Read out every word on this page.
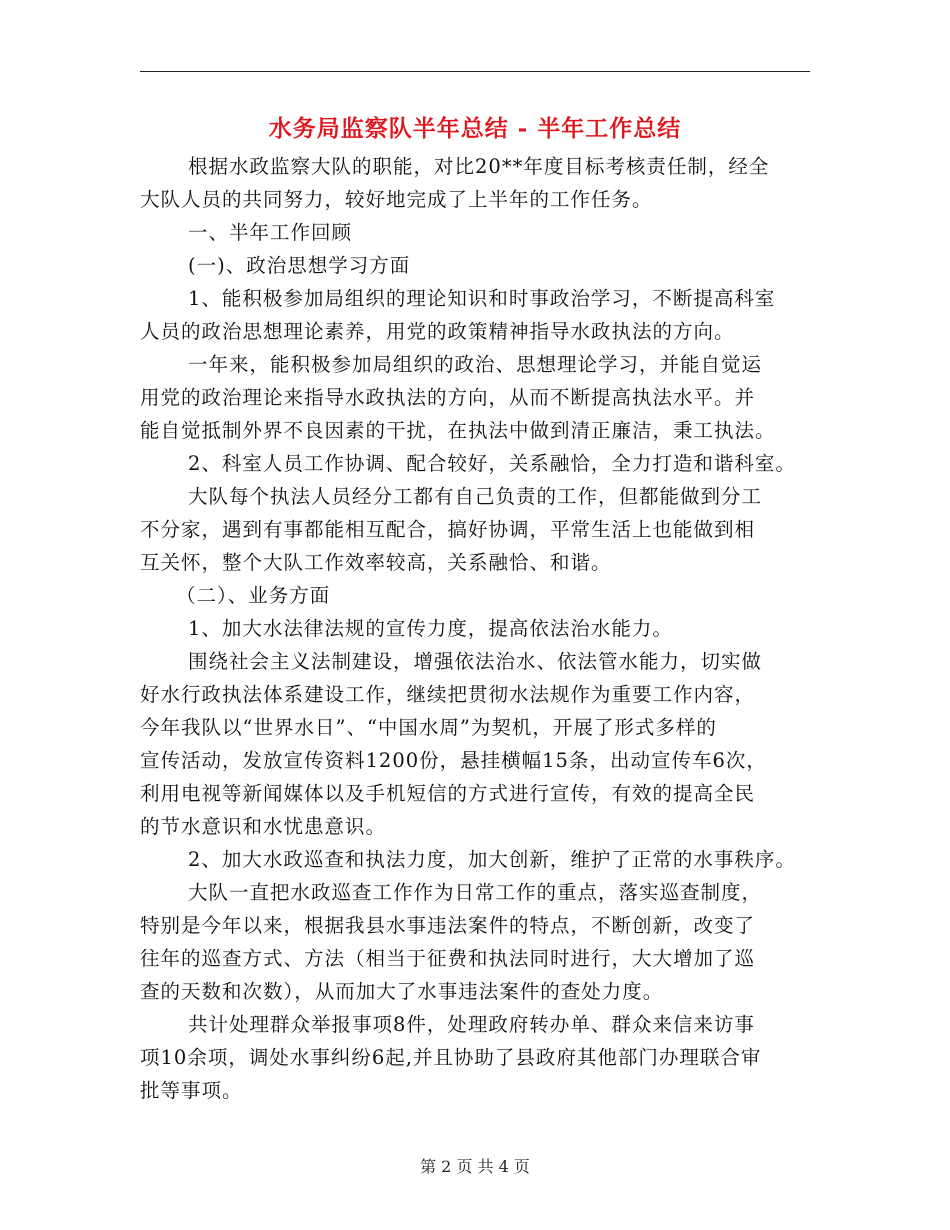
水务局监察队半年总结 - 半年工作总结
根据水政监察大队的职能，对比20**年度目标考核责任制，经全
大队人员的共同努力，较好地完成了上半年的工作任务。
一、半年工作回顾
(一)、政治思想学习方面
1、能积极参加局组织的理论知识和时事政治学习，不断提高科室
人员的政治思想理论素养，用党的政策精神指导水政执法的方向。
一年来，能积极参加局组织的政治、思想理论学习，并能自觉运
用党的政治理论来指导水政执法的方向，从而不断提高执法水平。并
能自觉抵制外界不良因素的干扰，在执法中做到清正廉洁，秉工执法。
2、科室人员工作协调、配合较好，关系融恰，全力打造和谐科室。
大队每个执法人员经分工都有自己负责的工作，但都能做到分工
不分家，遇到有事都能相互配合，搞好协调，平常生活上也能做到相
互关怀，整个大队工作效率较高，关系融恰、和谐。
（二）、业务方面
1、加大水法律法规的宣传力度，提高依法治水能力。
围绕社会主义法制建设，增强依法治水、依法管水能力，切实做
好水行政执法体系建设工作，继续把贯彻水法规作为重要工作内容，
今年我队以“世界水日”、“中国水周”为契机，开展了形式多样的
宣传活动，发放宣传资料1200份，悬挂横幅15条，出动宣传车6次，
利用电视等新闻媒体以及手机短信的方式进行宣传，有效的提高全民
的节水意识和水忧患意识。
2、加大水政巡查和执法力度，加大创新，维护了正常的水事秩序。
大队一直把水政巡查工作作为日常工作的重点，落实巡查制度，
特别是今年以来，根据我县水事违法案件的特点，不断创新，改变了
往年的巡查方式、方法（相当于征费和执法同时进行，大大增加了巡
查的天数和次数），从而加大了水事违法案件的查处力度。
共计处理群众举报事项8件，处理政府转办单、群众来信来访事
项10余项，调处水事纠纷6起,并且协助了县政府其他部门办理联合审
批等事项。
第 2 页 共 4 页
